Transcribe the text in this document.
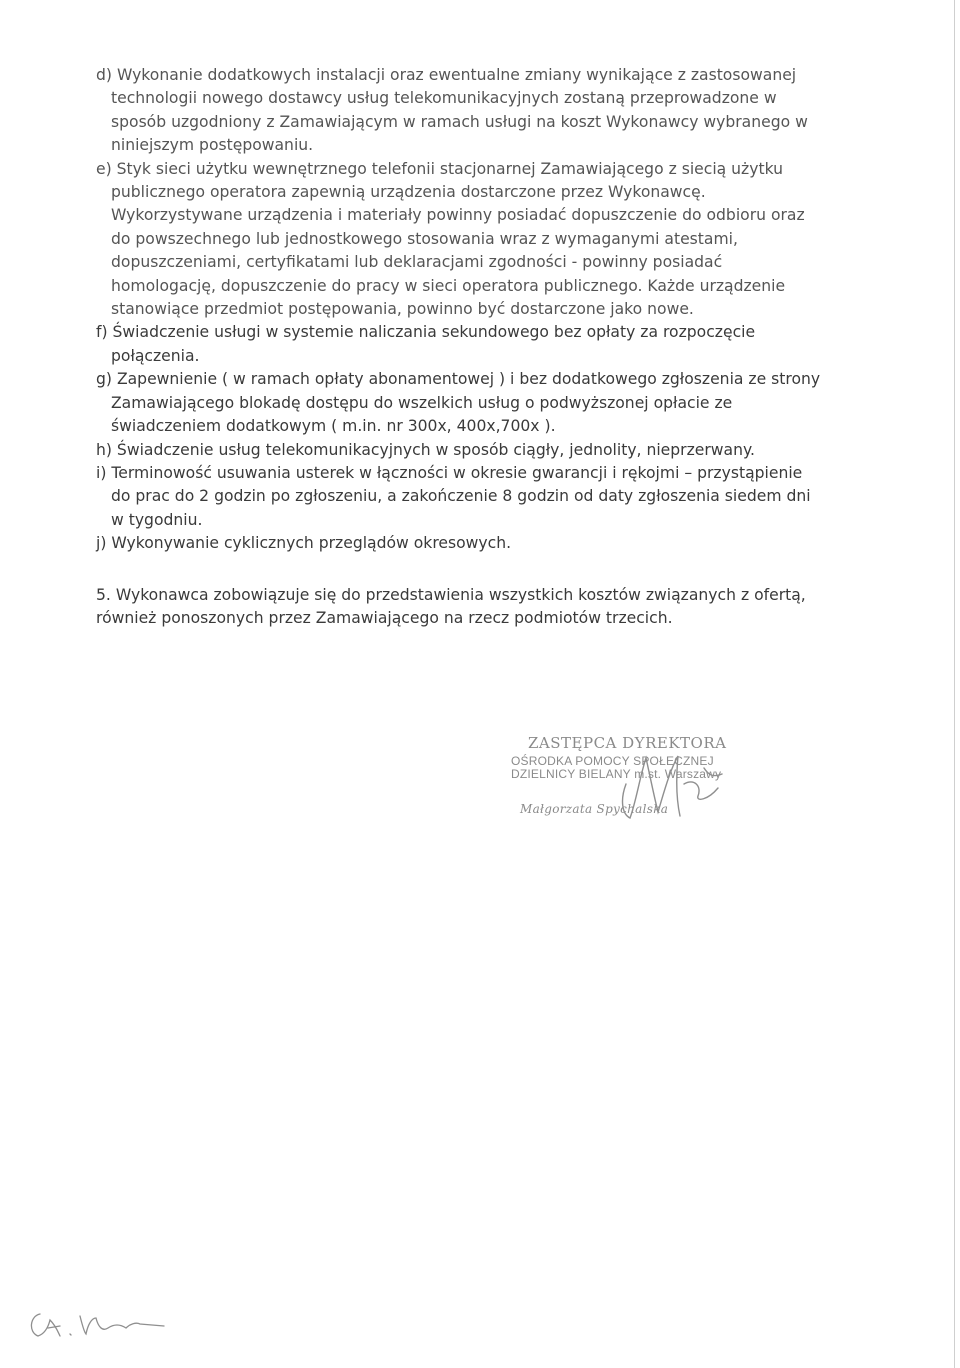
d) Wykonanie dodatkowych instalacji oraz ewentualne zmiany wynikające z zastosowanej technologii nowego dostawcy usług telekomunikacyjnych zostaną przeprowadzone w sposób uzgodniony z Zamawiającym w ramach usługi na koszt Wykonawcy wybranego w niniejszym postępowaniu.

e) Styk sieci użytku wewnętrznego telefonii stacjonarnej Zamawiającego z siecią użytku publicznego operatora zapewnią urządzenia dostarczone przez Wykonawcę. Wykorzystywane urządzenia i materiały powinny posiadać dopuszczenie do odbioru oraz do powszechnego lub jednostkowego stosowania wraz z wymaganymi atestami, dopuszczeniami, certyfikatami lub deklaracjami zgodności - powinny posiadać homologację, dopuszczenie do pracy w sieci operatora publicznego. Każde urządzenie stanowiące przedmiot postępowania, powinno być dostarczone jako nowe.

f) Świadczenie usługi w systemie naliczania sekundowego bez opłaty za rozpoczęcie połączenia.

g) Zapewnienie ( w ramach opłaty abonamentowej ) i bez dodatkowego zgłoszenia ze strony Zamawiającego blokadę dostępu do wszelkich usług o podwyższonej opłacie ze świadczeniem dodatkowym ( m.in. nr 300x, 400x,700x ).

h) Świadczenie usług telekomunikacyjnych w sposób ciągły, jednolity, nieprzerwany.

i) Terminowość usuwania usterek w łączności w okresie gwarancji i rękojmi – przystąpienie do prac do 2 godzin po zgłoszeniu, a zakończenie 8 godzin od daty zgłoszenia siedem dni w tygodniu.

j) Wykonywanie cyklicznych przeglądów okresowych.

5. Wykonawca zobowiązuje się do przedstawienia wszystkich kosztów związanych z ofertą, również ponoszonych przez Zamawiającego na rzecz podmiotów trzecich.

ZASTĘPCA DYREKTORA
OŚRODKA POMOCY SPOŁECZNEJ
DZIELNICY BIELANY m.st. Warszawy
Małgorzata Spychalska
